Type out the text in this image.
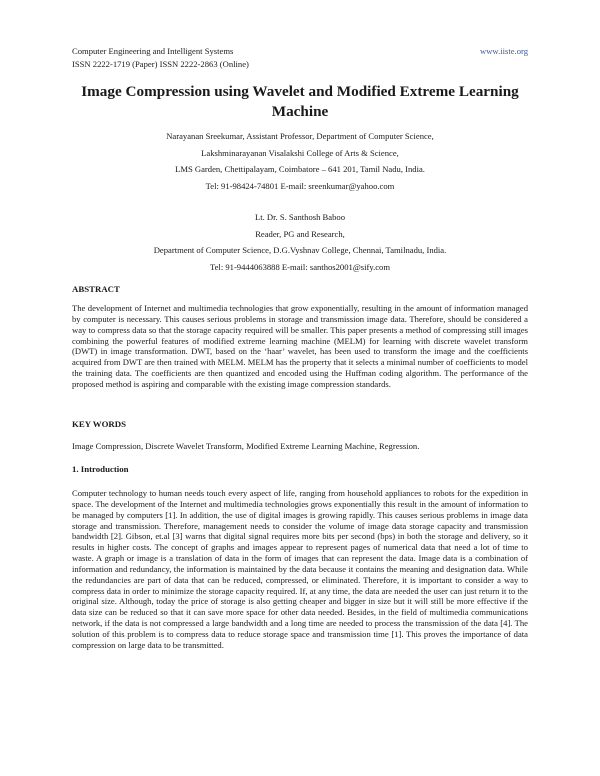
Computer Engineering and Intelligent Systems
ISSN 2222-1719 (Paper) ISSN 2222-2863 (Online)
www.iiste.org
Image Compression using Wavelet and Modified Extreme Learning Machine
Narayanan Sreekumar, Assistant Professor, Department of Computer Science,
Lakshminarayanan Visalakshi College of Arts & Science,
LMS Garden, Chettipalayam, Coimbatore – 641 201, Tamil Nadu, India.
Tel: 91-98424-74801 E-mail: sreenkumar@yahoo.com
Lt. Dr. S. Santhosh Baboo
Reader, PG and Research,
Department of Computer Science, D.G.Vyshnav College, Chennai, Tamilnadu, India.
Tel: 91-9444063888 E-mail: santhos2001@sify.com
ABSTRACT
The development of Internet and multimedia technologies that grow exponentially, resulting in the amount of information managed by computer is necessary. This causes serious problems in storage and transmission image data. Therefore, should be considered a way to compress data so that the storage capacity required will be smaller. This paper presents a method of compressing still images combining the powerful features of modified extreme learning machine (MELM) for learning with discrete wavelet transform (DWT) in image transformation. DWT, based on the ‘haar’ wavelet, has been used to transform the image and the coefficients acquired from DWT are then trained with MELM. MELM has the property that it selects a minimal number of coefficients to model the training data. The coefficients are then quantized and encoded using the Huffman coding algorithm. The performance of the proposed method is aspiring and comparable with the existing image compression standards.
KEY WORDS
Image Compression, Discrete Wavelet Transform, Modified Extreme Learning Machine, Regression.
1. Introduction
Computer technology to human needs touch every aspect of life, ranging from household appliances to robots for the expedition in space. The development of the Internet and multimedia technologies grows exponentially this result in the amount of information to be managed by computers [1]. In addition, the use of digital images is growing rapidly. This causes serious problems in image data storage and transmission. Therefore, management needs to consider the volume of image data storage capacity and transmission bandwidth [2]. Gibson, et.al [3] warns that digital signal requires more bits per second (bps) in both the storage and delivery, so it results in higher costs. The concept of graphs and images appear to represent pages of numerical data that need a lot of time to waste. A graph or image is a translation of data in the form of images that can represent the data. Image data is a combination of information and redundancy, the information is maintained by the data because it contains the meaning and designation data. While the redundancies are part of data that can be reduced, compressed, or eliminated. Therefore, it is important to consider a way to compress data in order to minimize the storage capacity required. If, at any time, the data are needed the user can just return it to the original size. Although, today the price of storage is also getting cheaper and bigger in size but it will still be more effective if the data size can be reduced so that it can save more space for other data needed. Besides, in the field of multimedia communications network, if the data is not compressed a large bandwidth and a long time are needed to process the transmission of the data [4]. The solution of this problem is to compress data to reduce storage space and transmission time [1]. This proves the importance of data compression on large data to be transmitted.
